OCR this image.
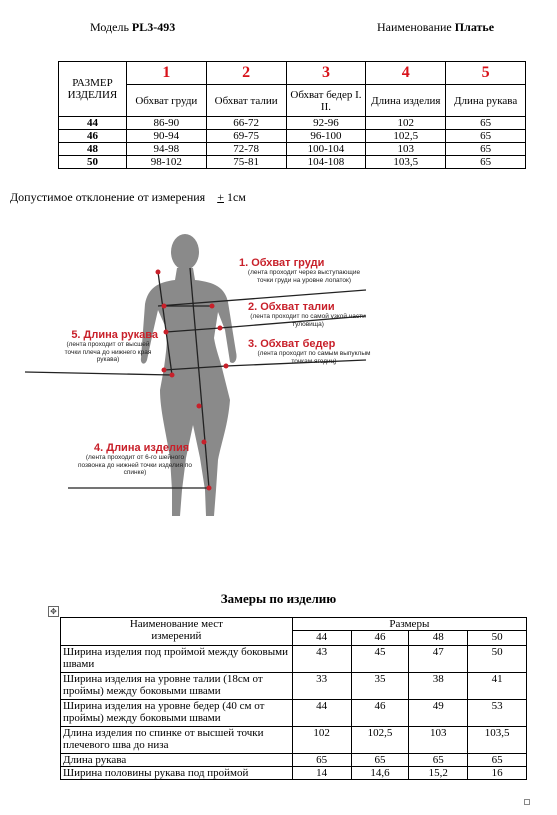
Модель PL3-493	Наименование Платье
РАЗМЕР ИЗДЕЛИЯ	1	2	3	4	5
	Обхват груди	Обхват талии	Обхват бедер I. II.	Длина изделия	Длина рукава
44	86-90	66-72	92-96	102	65
46	90-94	69-75	96-100	102,5	65
48	94-98	72-78	100-104	103	65
50	98-102	75-81	104-108	103,5	65
Допустимое отклонение от измерения + 1см
1. Обхват груди
(лента проходит через выступающие точки груди на уровне лопаток)
2. Обхват талии
(лента проходит по самой узкой части туловища)
3. Обхват бедер
(лента проходит по самым выпуклым точкам ягодиц)
5. Длина рукава
(лента проходит от высшей точки плеча до нижнего края рукава)
4. Длина изделия
(лента проходит от 6-го шейного позвонка до нижней точки изделия по спинке)
Замеры по изделию
✥
Наименование мест измерений	Размеры			
	44	46	48	50
Ширина изделия под проймой между боковыми швами	43	45	47	50
Ширина изделия на уровне талии (18см от проймы) между боковыми швами	33	35	38	41
Ширина изделия на уровне бедер (40 см от проймы) между боковыми швами	44	46	49	53
Длина изделия по спинке от высшей точки плечевого шва до низа	102	102,5	103	103,5
Длина рукава	65	65	65	65
Ширина половины рукава под проймой	14	14,6	15,2	16
